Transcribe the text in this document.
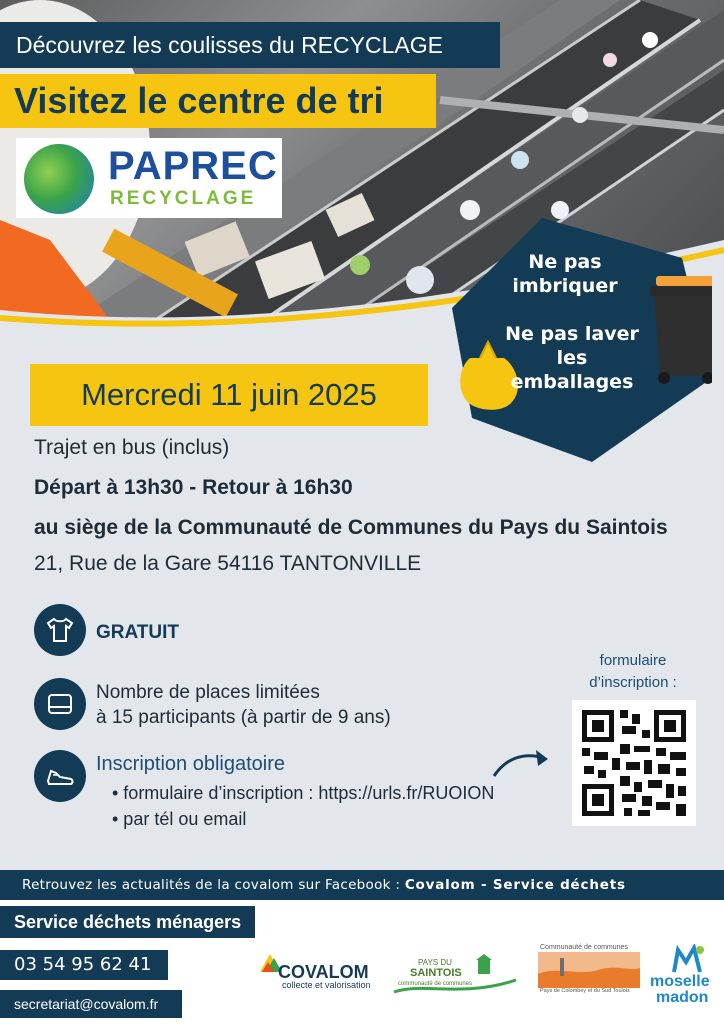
Découvrez les coulisses du RECYCLAGE
Visitez le centre de tri
PAPREC
RECYCLAGE
Ne pas imbriquer
Ne pas laver les emballages
Mercredi 11 juin 2025
Trajet en bus (inclus)
Départ à 13h30 - Retour à 16h30
au siège de la Communauté de Communes du Pays du Saintois
21, Rue de la Gare 54116 TANTONVILLE
GRATUIT
Nombre de places limitées
à 15 participants (à partir de 9 ans)
Inscription obligatoire
• formulaire d’inscription : https://urls.fr/RUOION
• par tél ou email
formulaire
d’inscription :
Retrouvez les actualités de la covalom sur Facebook : Covalom - Service déchets
Service déchets ménagers
03 54 95 62 41
secretariat@covalom.fr
COVALOM
collecte et valorisation
PAYS DU
SAINTOIS
communauté de communes
Communauté de communes
Pays de Colombey et du Sud Toulois
moselle
madon
